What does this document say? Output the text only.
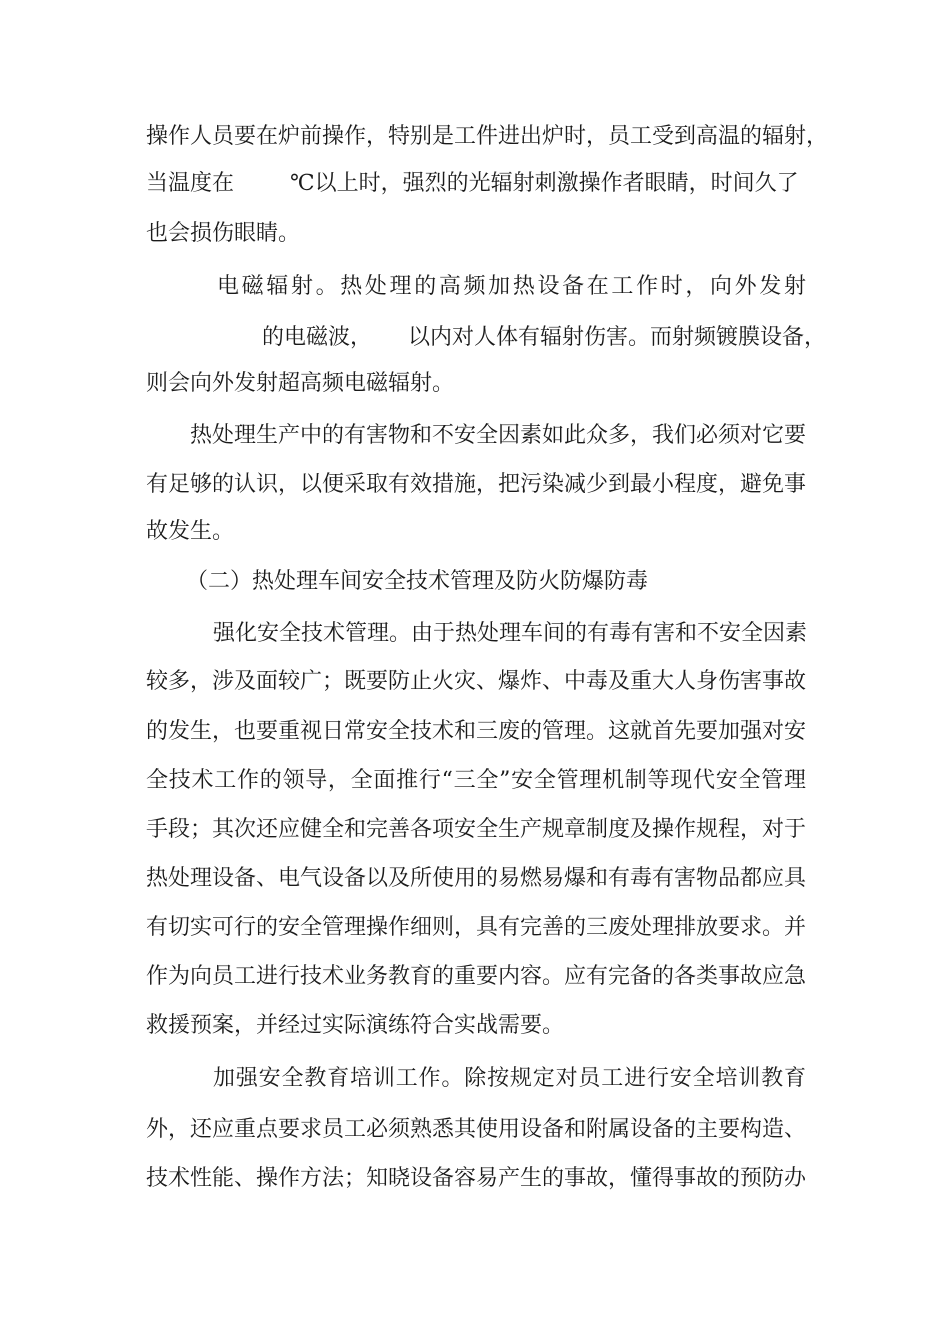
操作人员要在炉前操作，特别是工件进出炉时，员工受到高温的辐射，
当温度在	℃以上时，强烈的光辐射刺激操作者眼睛，时间久了
也会损伤眼睛。
电磁辐射。热处理的高频加热设备在工作时，向外发射
的电磁波， 以内对人体有辐射伤害。而射频镀膜设备，
则会向外发射超高频电磁辐射。
热处理生产中的有害物和不安全因素如此众多，我们必须对它要
有足够的认识，以便采取有效措施，把污染减少到最小程度，避免事
故发生。
（二）热处理车间安全技术管理及防火防爆防毒
强化安全技术管理。由于热处理车间的有毒有害和不安全因素
较多，涉及面较广；既要防止火灾、爆炸、中毒及重大人身伤害事故
的发生，也要重视日常安全技术和三废的管理。这就首先要加强对安
全技术工作的领导，全面推行“三全”安全管理机制等现代安全管理
手段；其次还应健全和完善各项安全生产规章制度及操作规程，对于
热处理设备、电气设备以及所使用的易燃易爆和有毒有害物品都应具
有切实可行的安全管理操作细则，具有完善的三废处理排放要求。并
作为向员工进行技术业务教育的重要内容。应有完备的各类事故应急
救援预案，并经过实际演练符合实战需要。
加强安全教育培训工作。除按规定对员工进行安全培训教育
外，还应重点要求员工必须熟悉其使用设备和附属设备的主要构造、
技术性能、操作方法；知晓设备容易产生的事故，懂得事故的预防办
